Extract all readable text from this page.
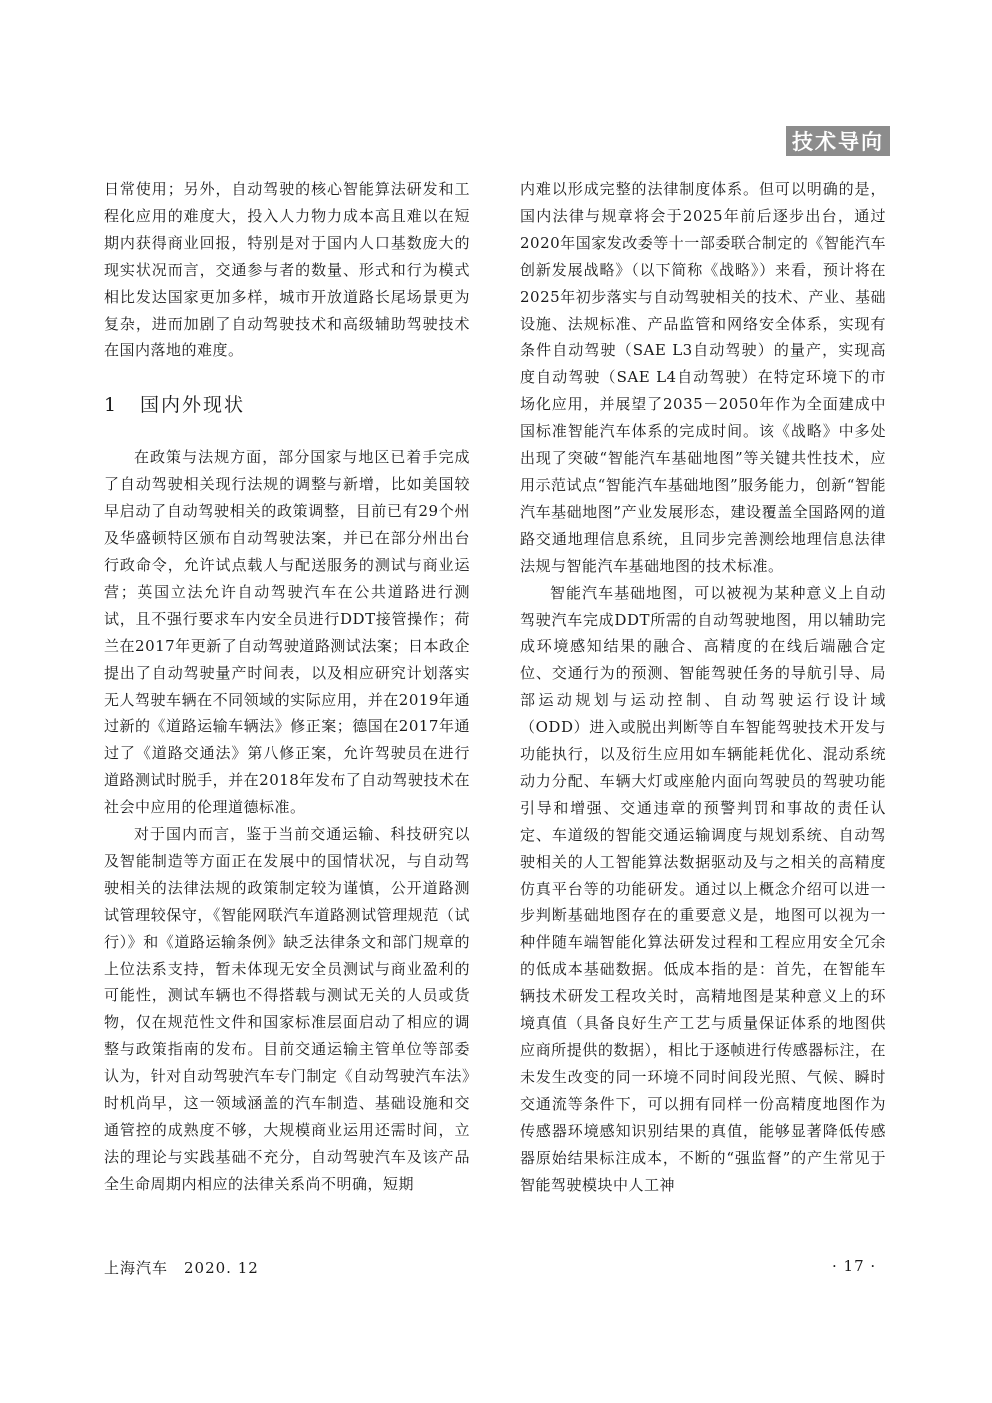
技术导向

日常使用；另外，自动驾驶的核心智能算法研发和工程化应用的难度大，投入人力物力成本高且难以在短期内获得商业回报，特别是对于国内人口基数庞大的现实状况而言，交通参与者的数量、形式和行为模式相比发达国家更加多样，城市开放道路长尾场景更为复杂，进而加剧了自动驾驶技术和高级辅助驾驶技术在国内落地的难度。

1 国内外现状

在政策与法规方面，部分国家与地区已着手完成了自动驾驶相关现行法规的调整与新增，比如美国较早启动了自动驾驶相关的政策调整，目前已有29个州及华盛顿特区颁布自动驾驶法案，并已在部分州出台行政命令，允许试点载人与配送服务的测试与商业运营；英国立法允许自动驾驶汽车在公共道路进行测试，且不强行要求车内安全员进行DDT接管操作；荷兰在2017年更新了自动驾驶道路测试法案；日本政企提出了自动驾驶量产时间表，以及相应研究计划落实无人驾驶车辆在不同领域的实际应用，并在2019年通过新的《道路运输车辆法》修正案；德国在2017年通过了《道路交通法》第八修正案，允许驾驶员在进行道路测试时脱手，并在2018年发布了自动驾驶技术在社会中应用的伦理道德标准。

对于国内而言，鉴于当前交通运输、科技研究以及智能制造等方面正在发展中的国情状况，与自动驾驶相关的法律法规的政策制定较为谨慎，公开道路测试管理较保守，《智能网联汽车道路测试管理规范（试行）》和《道路运输条例》缺乏法律条文和部门规章的上位法系支持，暂未体现无安全员测试与商业盈利的可能性，测试车辆也不得搭载与测试无关的人员或货物，仅在规范性文件和国家标准层面启动了相应的调整与政策指南的发布。目前交通运输主管单位等部委认为，针对自动驾驶汽车专门制定《自动驾驶汽车法》时机尚早，这一领域涵盖的汽车制造、基础设施和交通管控的成熟度不够，大规模商业运用还需时间，立法的理论与实践基础不充分，自动驾驶汽车及该产品全生命周期内相应的法律关系尚不明确，短期

内难以形成完整的法律制度体系。但可以明确的是，国内法律与规章将会于2025年前后逐步出台，通过2020年国家发改委等十一部委联合制定的《智能汽车创新发展战略》（以下简称《战略》）来看，预计将在2025年初步落实与自动驾驶相关的技术、产业、基础设施、法规标准、产品监管和网络安全体系，实现有条件自动驾驶（SAE L3自动驾驶）的量产，实现高度自动驾驶（SAE L4自动驾驶）在特定环境下的市场化应用，并展望了2035－2050年作为全面建成中国标准智能汽车体系的完成时间。该《战略》中多处出现了突破“智能汽车基础地图”等关键共性技术，应用示范试点“智能汽车基础地图”服务能力，创新“智能汽车基础地图”产业发展形态，建设覆盖全国路网的道路交通地理信息系统，且同步完善测绘地理信息法律法规与智能汽车基础地图的技术标准。

智能汽车基础地图，可以被视为某种意义上自动驾驶汽车完成DDT所需的自动驾驶地图，用以辅助完成环境感知结果的融合、高精度的在线后端融合定位、交通行为的预测、智能驾驶任务的导航引导、局部运动规划与运动控制、自动驾驶运行设计域（ODD）进入或脱出判断等自车智能驾驶技术开发与功能执行，以及衍生应用如车辆能耗优化、混动系统动力分配、车辆大灯或座舱内面向驾驶员的驾驶功能引导和增强、交通违章的预警判罚和事故的责任认定、车道级的智能交通运输调度与规划系统、自动驾驶相关的人工智能算法数据驱动及与之相关的高精度仿真平台等的功能研发。通过以上概念介绍可以进一步判断基础地图存在的重要意义是，地图可以视为一种伴随车端智能化算法研发过程和工程应用安全冗余的低成本基础数据。低成本指的是：首先，在智能车辆技术研发工程攻关时，高精地图是某种意义上的环境真值（具备良好生产工艺与质量保证体系的地图供应商所提供的数据），相比于逐帧进行传感器标注，在未发生改变的同一环境不同时间段光照、气候、瞬时交通流等条件下，可以拥有同样一份高精度地图作为传感器环境感知识别结果的真值，能够显著降低传感器原始结果标注成本，不断的“强监督”的产生常见于智能驾驶模块中人工神

上海汽车　2020. 12	· 17 ·
